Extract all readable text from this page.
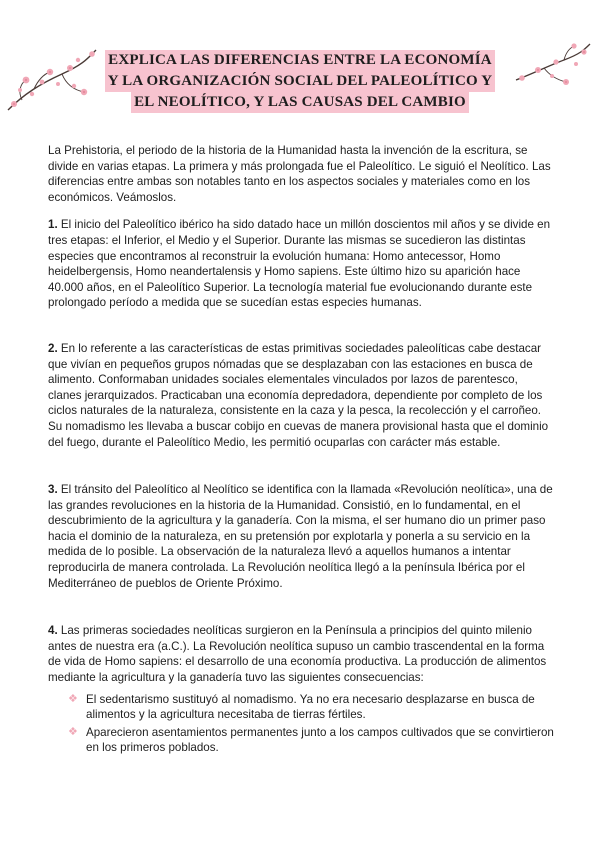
EXPLICA LAS DIFERENCIAS ENTRE LA ECONOMÍA
Y LA ORGANIZACIÓN SOCIAL DEL PALEOLÍTICO Y
EL NEOLÍTICO, Y LAS CAUSAS DEL CAMBIO

La Prehistoria, el periodo de la historia de la Humanidad hasta la invención de la escritura, se divide en varias etapas. La primera y más prolongada fue el Paleolítico. Le siguió el Neolítico. Las diferencias entre ambas son notables tanto en los aspectos sociales y materiales como en los económicos. Veámoslos.

1. El inicio del Paleolítico ibérico ha sido datado hace un millón doscientos mil años y se divide en tres etapas: el Inferior, el Medio y el Superior. Durante las mismas se sucedieron las distintas especies que encontramos al reconstruir la evolución humana: Homo antecessor, Homo heidelbergensis, Homo neandertalensis y Homo sapiens. Este último hizo su aparición hace 40.000 años, en el Paleolítico Superior. La tecnología material fue evolucionando durante este prolongado período a medida que se sucedían estas especies humanas.

2. En lo referente a las características de estas primitivas sociedades paleolíticas cabe destacar que vivían en pequeños grupos nómadas que se desplazaban con las estaciones en busca de alimento. Conformaban unidades sociales elementales vinculados por lazos de parentesco, clanes jerarquizados. Practicaban una economía depredadora, dependiente por completo de los ciclos naturales de la naturaleza, consistente en la caza y la pesca, la recolección y el carroñeo. Su nomadismo les llevaba a buscar cobijo en cuevas de manera provisional hasta que el dominio del fuego, durante el Paleolítico Medio, les permitió ocuparlas con carácter más estable.

3. El tránsito del Paleolítico al Neolítico se identifica con la llamada «Revolución neolítica», una de las grandes revoluciones en la historia de la Humanidad. Consistió, en lo fundamental, en el descubrimiento de la agricultura y la ganadería. Con la misma, el ser humano dio un primer paso hacia el dominio de la naturaleza, en su pretensión por explotarla y ponerla a su servicio en la medida de lo posible. La observación de la naturaleza llevó a aquellos humanos a intentar reproducirla de manera controlada. La Revolución neolítica llegó a la península Ibérica por el Mediterráneo de pueblos de Oriente Próximo.

4. Las primeras sociedades neolíticas surgieron en la Península a principios del quinto milenio antes de nuestra era (a.C.). La Revolución neolítica supuso un cambio trascendental en la forma de vida de Homo sapiens: el desarrollo de una economía productiva. La producción de alimentos mediante la agricultura y la ganadería tuvo las siguientes consecuencias:

❖ El sedentarismo sustituyó al nomadismo. Ya no era necesario desplazarse en busca de alimentos y la agricultura necesitaba de tierras fértiles.
❖ Aparecieron asentamientos permanentes junto a los campos cultivados que se convirtieron en los primeros poblados.
